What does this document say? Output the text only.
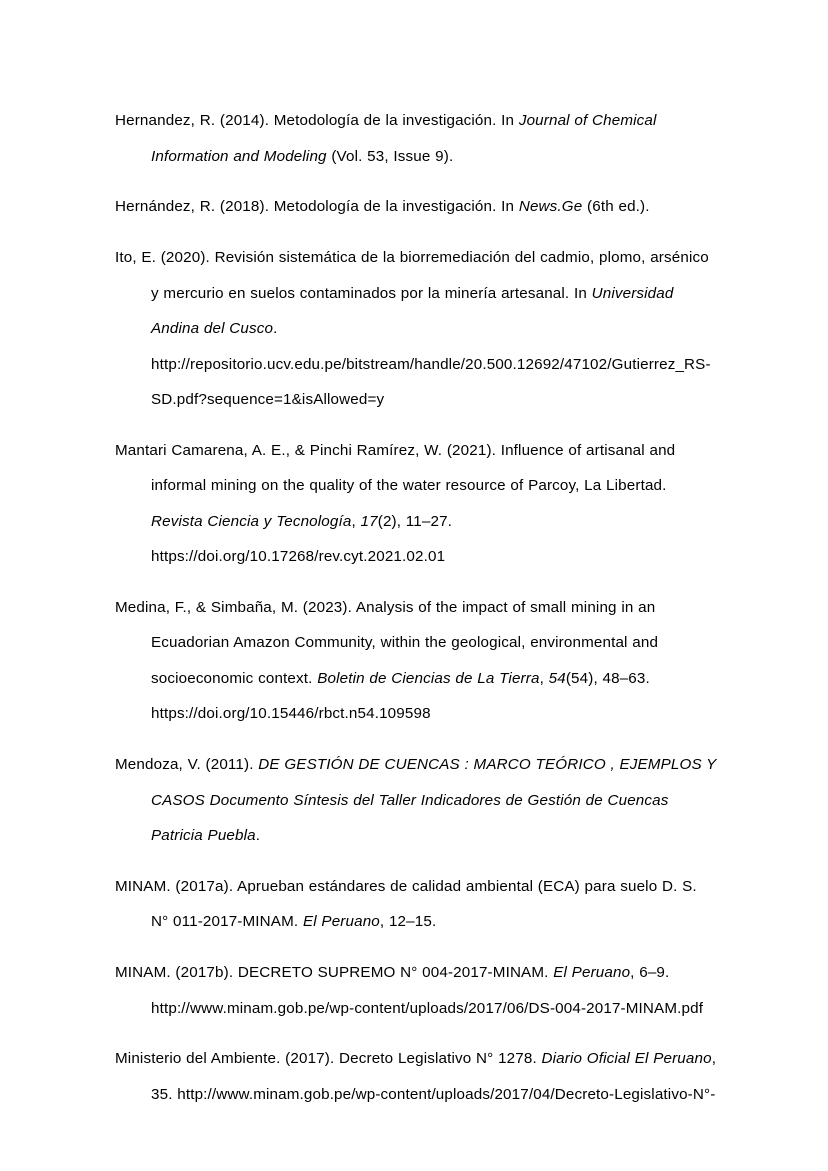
Hernandez, R. (2014). Metodología de la investigación. In Journal of Chemical Information and Modeling (Vol. 53, Issue 9).

Hernández, R. (2018). Metodología de la investigación. In News.Ge (6th ed.).

Ito, E. (2020). Revisión sistemática de la biorremediación del cadmio, plomo, arsénico y mercurio en suelos contaminados por la minería artesanal. In Universidad Andina del Cusco. http://repositorio.ucv.edu.pe/bitstream/handle/20.500.12692/47102/Gutierrez_RS-SD.pdf?sequence=1&isAllowed=y

Mantari Camarena, A. E., & Pinchi Ramírez, W. (2021). Influence of artisanal and informal mining on the quality of the water resource of Parcoy, La Libertad. Revista Ciencia y Tecnología, 17(2), 11–27. https://doi.org/10.17268/rev.cyt.2021.02.01

Medina, F., & Simbaña, M. (2023). Analysis of the impact of small mining in an Ecuadorian Amazon Community, within the geological, environmental and socioeconomic context. Boletin de Ciencias de La Tierra, 54(54), 48–63. https://doi.org/10.15446/rbct.n54.109598

Mendoza, V. (2011). DE GESTIÓN DE CUENCAS : MARCO TEÓRICO , EJEMPLOS Y CASOS Documento Síntesis del Taller Indicadores de Gestión de Cuencas Patricia Puebla.

MINAM. (2017a). Aprueban estándares de calidad ambiental (ECA) para suelo D. S. N° 011-2017-MINAM. El Peruano, 12–15.

MINAM. (2017b). DECRETO SUPREMO N° 004-2017-MINAM. El Peruano, 6–9. http://www.minam.gob.pe/wp-content/uploads/2017/06/DS-004-2017-MINAM.pdf

Ministerio del Ambiente. (2017). Decreto Legislativo N° 1278. Diario Oficial El Peruano, 35. http://www.minam.gob.pe/wp-content/uploads/2017/04/Decreto-Legislativo-N°-
